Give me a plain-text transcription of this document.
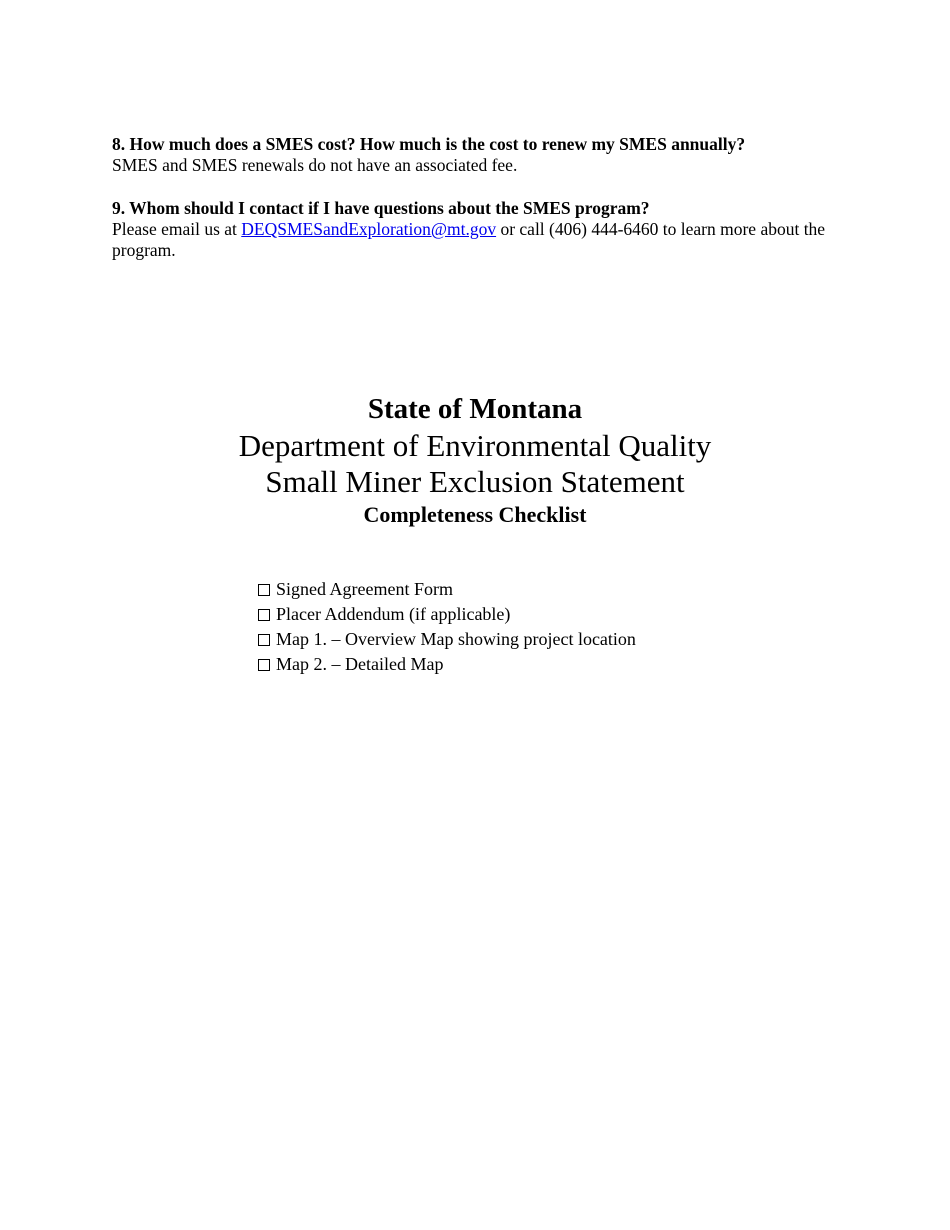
8. How much does a SMES cost? How much is the cost to renew my SMES annually?

SMES and SMES renewals do not have an associated fee.

9. Whom should I contact if I have questions about the SMES program?

Please email us at DEQSMESandExploration@mt.gov or call (406) 444-6460 to learn more about the program.

State of Montana

Department of Environmental Quality

Small Miner Exclusion Statement

Completeness Checklist

Signed Agreement Form
Placer Addendum (if applicable)
Map 1. – Overview Map showing project location
Map 2. – Detailed Map
